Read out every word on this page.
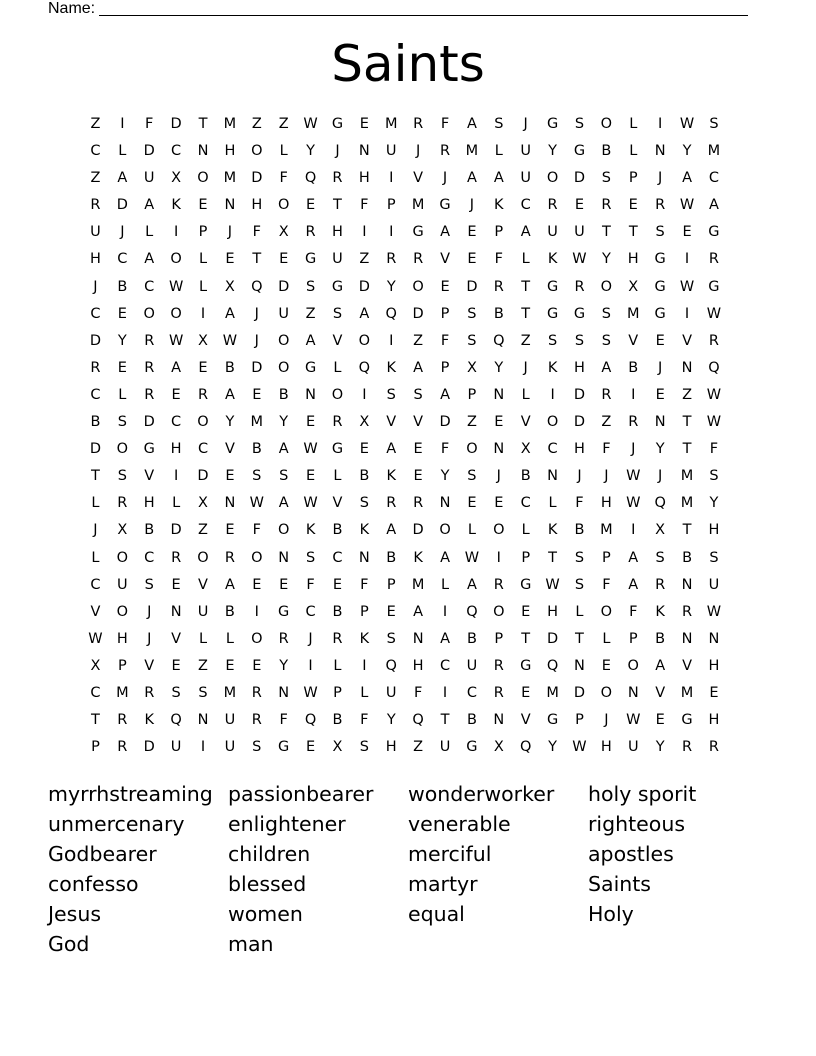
Name:
Saints
Z	I	F	D	T	M	Z	Z	W G	E	M	R	F	A	S	J	G	S	O	L	I	W	S
C	L	D	C	N	H	O	L	Y	J	N	U	J	R	M	L	U	Y	G	B	L	N	Y	M
Z	A	U	X	O	M	D	F	Q	R	H	I	V	J	A	A	U	O	D	S	P	J	A	C
R	D	A	K	E	N	H	O	E	T	F	P	M	G	J	K	C	R	E	R	E	R	W	A
U	J	L	I	P	J	F	X	R	H	I	I	G	A	E	P	A	U	U	T	T	S	E	G
H	C	A	O	L	E	T	E	G	U	Z	R	R	V	E	F	L	K	W	Y	H	G	I	R
J	B	C	W	L	X	Q	D	S	G	D	Y	O	E	D	R	T	G	R	O	X	G W G
C	E	O	O	I	A	J	U	Z	S	A	Q	D	P	S	B	T	G	G	S	M	G	I	W
D	Y	R	W	X	W	J	O	A	V	O	I	Z	F	S	Q	Z	S	S	S	V	E	V	R
R	E	R	A	E	B	D	O	G	L	Q	K	A	P	X	Y	J	K	H	A	B	J	N	Q
C	L	R	E	R	A	E	B	N	O	I	S	S	A	P	N	L	I	D	R	I	E	Z	W
B	S	D	C	O	Y	M	Y	E	R	X	V	V	D	Z	E	V	O	D	Z	R	N	T	W
D	O	G	H	C	V	B	A	W G	E	A	E	F	O	N	X	C	H	F	J	Y	T	F
T	S	V	I	D	E	S	S	E	L	B	K	E	Y	S	J	B	N	J	J	W	J	M	S
L	R	H	L	X	N W	A	W	V	S	R	R	N	E	E	C	L	F	H W Q	M	Y
J	X	B	D	Z	E	F	O	K	B	K	A	D	O	L	O	L	K	B	M	I	X	T	H
L	O	C	R	O	R	O	N	S	C	N	B	K	A	W	I	P	T	S	P	A	S	B	S
C	U	S	E	V	A	E	E	F	E	F	P	M	L	A	R	G W	S	F	A	R	N	U
V	O	J	N	U	B	I	G	C	B	P	E	A	I	Q	O	E	H	L	O	F	K	R	W
W H	J	V	L	L	O	R	J	R	K	S	N	A	B	P	T	D	T	L	P	B	N	N
X	P	V	E	Z	E	E	Y	I	L	I	Q	H	C	U	R	G	Q	N	E	O	A	V	H
C	M	R	S	S	M	R	N W	P	L	U	F	I	C	R	E	M	D	O	N	V	M	E
T	R	K	Q	N	U	R	F	Q	B	F	Y	Q	T	B	N	V	G	P	J	W	E	G	H
P	R	D	U	I	U	S	G	E	X	S	H	Z	U	G	X	Q	Y	W H	U	Y	R	R
myrrhstreaming passionbearer	wonderworker	holy sporit
unmercenary	enlightener	venerable	righteous
Godbearer	children	merciful	apostles
confesso	blessed	martyr	Saints
Jesus	women	equal	Holy
God	man
